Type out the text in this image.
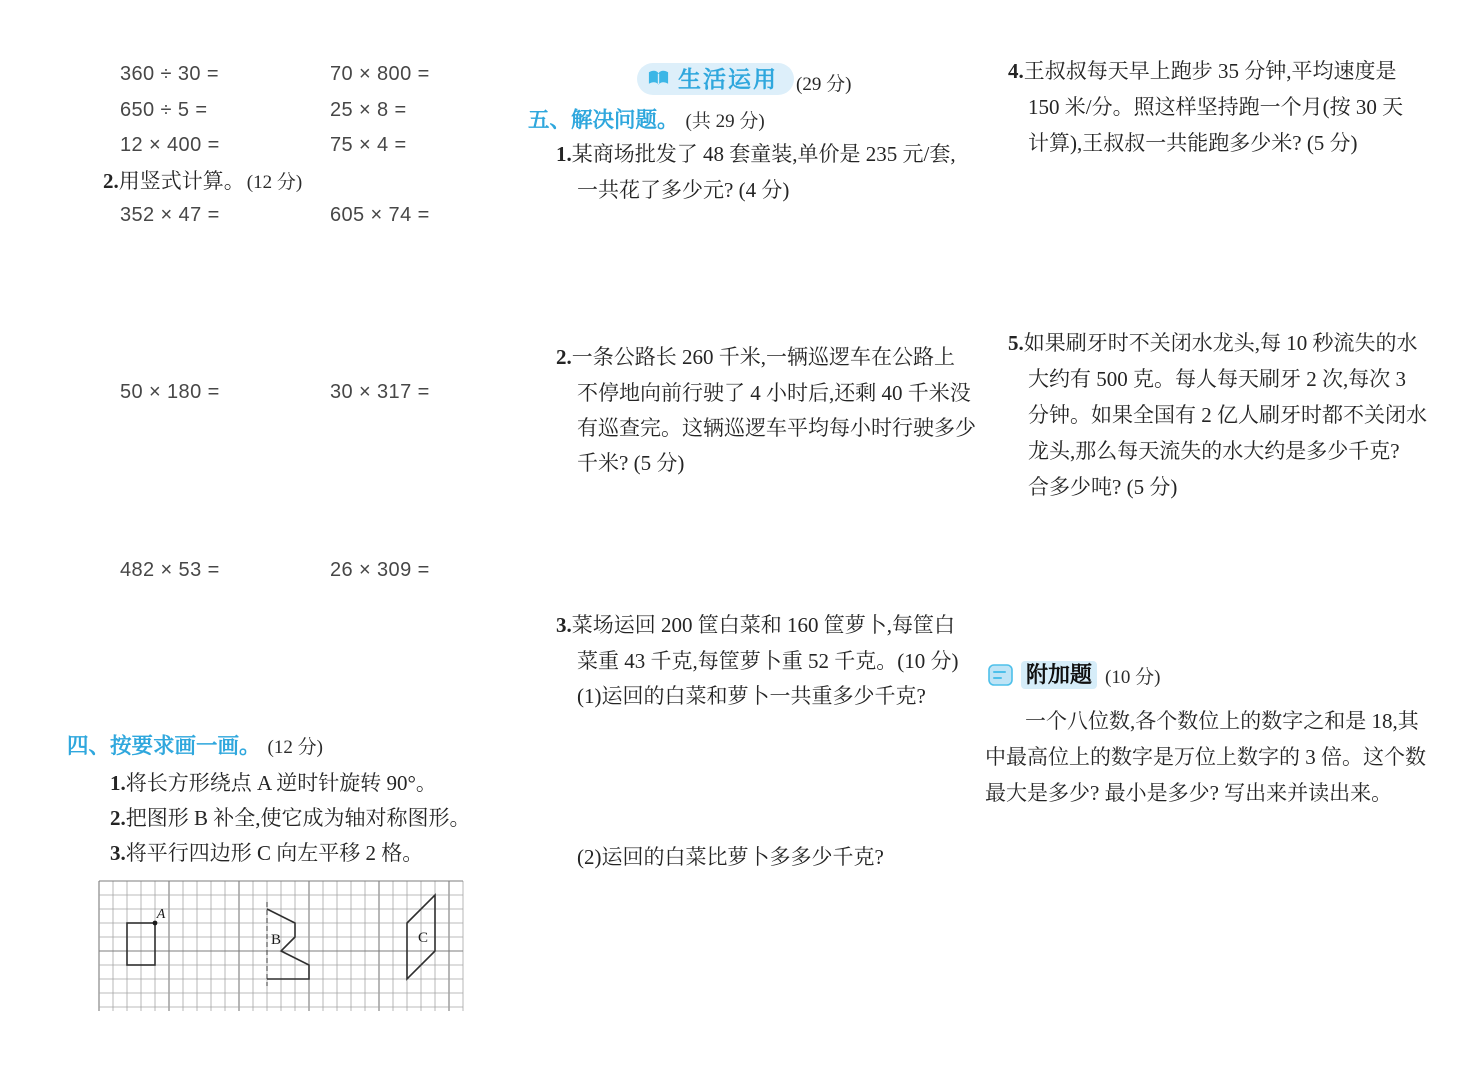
360 ÷ 30 =	70 × 800 =
650 ÷ 5 =	25 × 8 =
12 × 400 =	75 × 4 =
2.用竖式计算。 (12 分)
352 × 47 =	605 × 74 =
50 × 180 =	30 × 317 =
482 × 53 =	26 × 309 =
四、按要求画一画。 (12 分)
1.将长方形绕点 A 逆时针旋转 90°。
2.把图形 B 补全,使它成为轴对称图形。
3.将平行四边形 C 向左平移 2 格。
A
B	C
生活运用 (29 分)
五、解决问题。 (共 29 分)
1.某商场批发了 48 套童装,单价是 235 元/套,
一共花了多少元? (4 分)
2.一条公路长 260 千米,一辆巡逻车在公路上
不停地向前行驶了 4 小时后,还剩 40 千米没
有巡查完。这辆巡逻车平均每小时行驶多少
千米? (5 分)
3.菜场运回 200 筐白菜和 160 筐萝卜,每筐白
菜重 43 千克,每筐萝卜重 52 千克。(10 分)
(1)运回的白菜和萝卜一共重多少千克?
(2)运回的白菜比萝卜多多少千克?
4.王叔叔每天早上跑步 35 分钟,平均速度是
150 米/分。照这样坚持跑一个月(按 30 天
计算),王叔叔一共能跑多少米? (5 分)
5.如果刷牙时不关闭水龙头,每 10 秒流失的水
大约有 500 克。每人每天刷牙 2 次,每次 3
分钟。如果全国有 2 亿人刷牙时都不关闭水
龙头,那么每天流失的水大约是多少千克?
合多少吨? (5 分)
附加题 (10 分)
一个八位数,各个数位上的数字之和是 18,其
中最高位上的数字是万位上数字的 3 倍。这个数
最大是多少? 最小是多少? 写出来并读出来。
